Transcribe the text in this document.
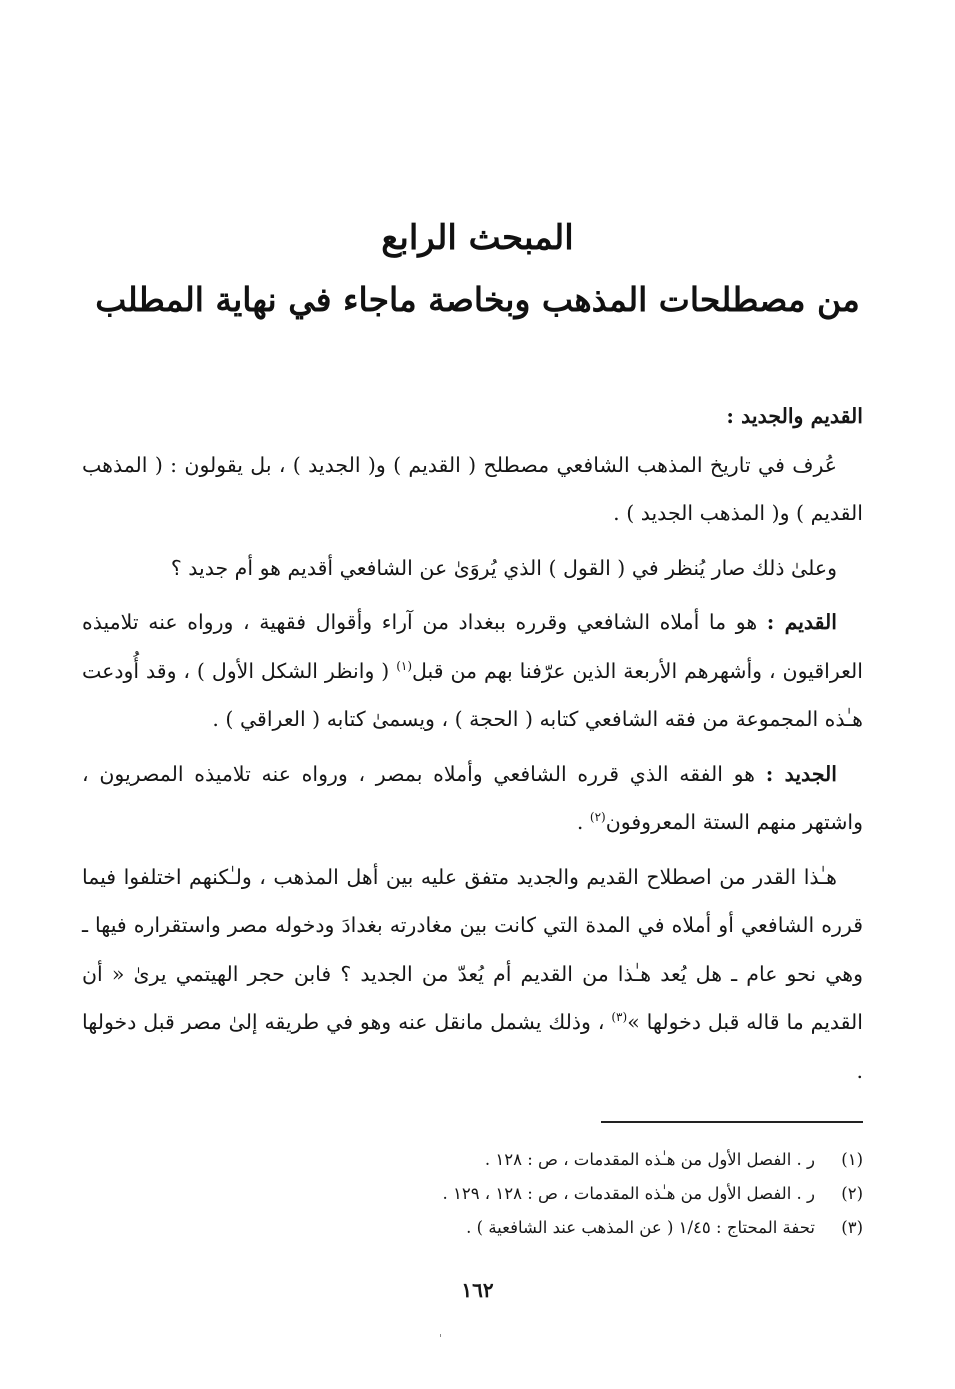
المبحث الرابع
من مصطلحات المذهب وبخاصة ماجاء في نهاية المطلب

القديم والجديد :

عُرف في تاريخ المذهب الشافعي مصطلح ( القديم ) و( الجديد ) ، بل يقولون : ( المذهب القديم ) و( المذهب الجديد ) .

وعلىٰ ذلك صار يُنظر في ( القول ) الذي يُروَىٰ عن الشافعي أقديم هو أم جديد ؟

القديم : هو ما أملاه الشافعي وقرره ببغداد من آراء وأقوال فقهية ، ورواه عنه تلاميذه العراقيون ، وأشهرهم الأربعة الذين عرّفنا بهم من قبل$^{(١)}$ ( وانظر الشكل الأول ) ، وقد أُودعت هـٰذه المجموعة من فقه الشافعي كتابه ( الحجة ) ، ويسمىٰ كتابه ( العراقي ) .

الجديد : هو الفقه الذي قرره الشافعي وأملاه بمصر ، ورواه عنه تلاميذه المصريون ، واشتهر منهم الستة المعروفون$^{(٢)}$ .

هـٰذا القدر من اصطلاح القديم والجديد متفق عليه بين أهل المذهب ، ولـٰكنهم اختلفوا فيما قرره الشافعي أو أملاه في المدة التي كانت بين مغادرته بغدادَ ودخوله مصر واستقراره فيها ـ وهي نحو عام ـ هل يُعد هـٰذا من القديم أم يُعدّ من الجديد ؟ فابن حجر الهيتمي يرىٰ « أن القديم ما قاله قبل دخولها »$^{(٣)}$ ، وذلك يشمل مانقل عنه وهو في طريقه إلىٰ مصر قبل دخولها .

(١)
ر . الفصل الأول من هـٰذه المقدمات ، ص : ١٢٨ .
(٢)
ر . الفصل الأول من هـٰذه المقدمات ، ص : ١٢٨ ، ١٢٩ .
(٣)
تحفة المحتاج : ١/٤٥ ( عن المذهب عند الشافعية ) .
١٦٢
